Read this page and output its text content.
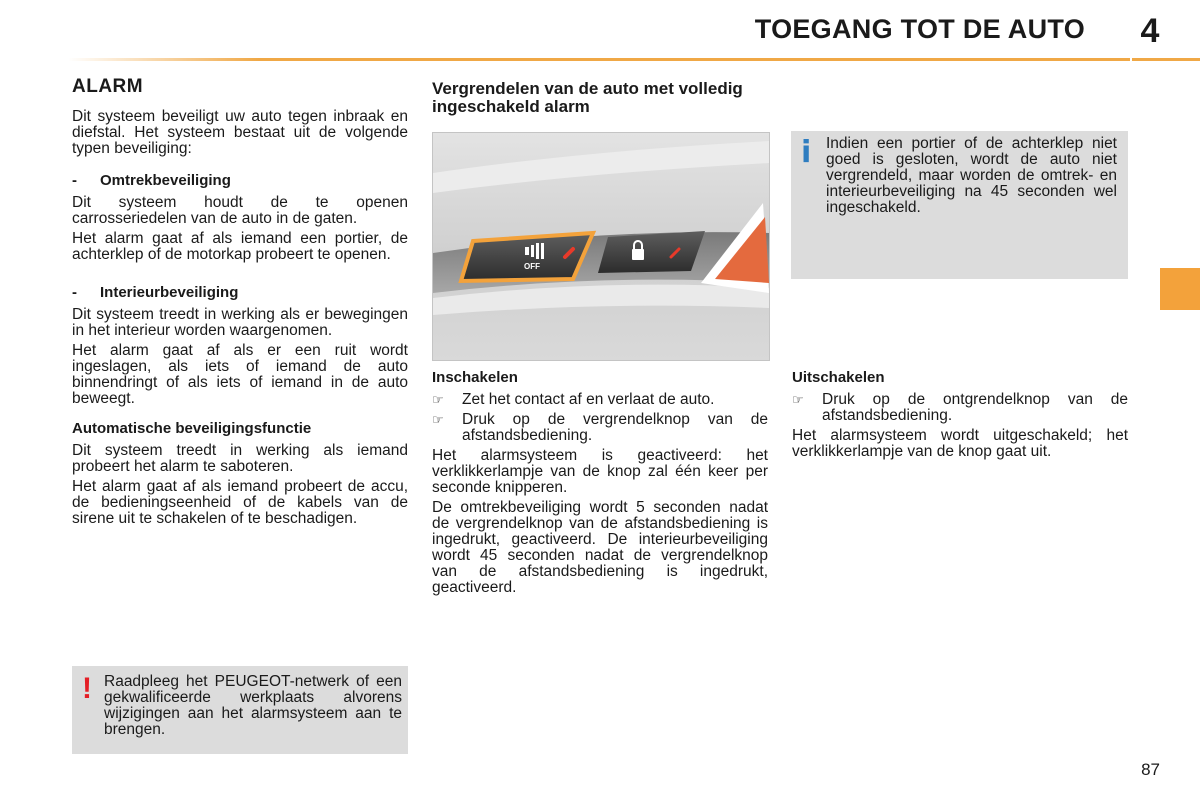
TOEGANG TOT DE AUTO	4

ALARM

Dit systeem beveiligt uw auto tegen inbraak en diefstal. Het systeem bestaat uit de volgende typen beveiliging:

- Omtrekbeveiliging

Dit systeem houdt de te openen carrosseriedelen van de auto in de gaten.

Het alarm gaat af als iemand een portier, de achterklep of de motorkap probeert te openen.

- Interieurbeveiliging

Dit systeem treedt in werking als er bewegingen in het interieur worden waargenomen.

Het alarm gaat af als er een ruit wordt ingeslagen, als iets of iemand de auto binnendringt of als iets of iemand in de auto beweegt.

Automatische beveiligingsfunctie

Dit systeem treedt in werking als iemand probeert het alarm te saboteren.

Het alarm gaat af als iemand probeert de accu, de bedieningseenheid of de kabels van de sirene uit te schakelen of te beschadigen.

! Raadpleeg het PEUGEOT-netwerk of een gekwalificeerde werkplaats alvorens wijzigingen aan het alarmsysteem aan te brengen.

Vergrendelen van de auto met volledig ingeschakeld alarm

OFF

Inschakelen

☞	Zet het contact af en verlaat de auto.
☞	Druk op de vergrendelknop van de afstandsbediening.

Het alarmsysteem is geactiveerd: het verklikkerlampje van de knop zal één keer per seconde knipperen.

De omtrekbeveiliging wordt 5 seconden nadat de vergrendelknop van de afstandsbediening is ingedrukt, geactiveerd. De interieurbeveiliging wordt 45 seconden nadat de vergrendelknop van de afstandsbediening is ingedrukt, geactiveerd.

i Indien een portier of de achterklep niet goed is gesloten, wordt de auto niet vergrendeld, maar worden de omtrek- en interieurbeveiliging na 45 seconden wel ingeschakeld.

Uitschakelen

☞	Druk op de ontgrendelknop van de afstandsbediening.

Het alarmsysteem wordt uitgeschakeld; het verklikkerlampje van de knop gaat uit.

87
